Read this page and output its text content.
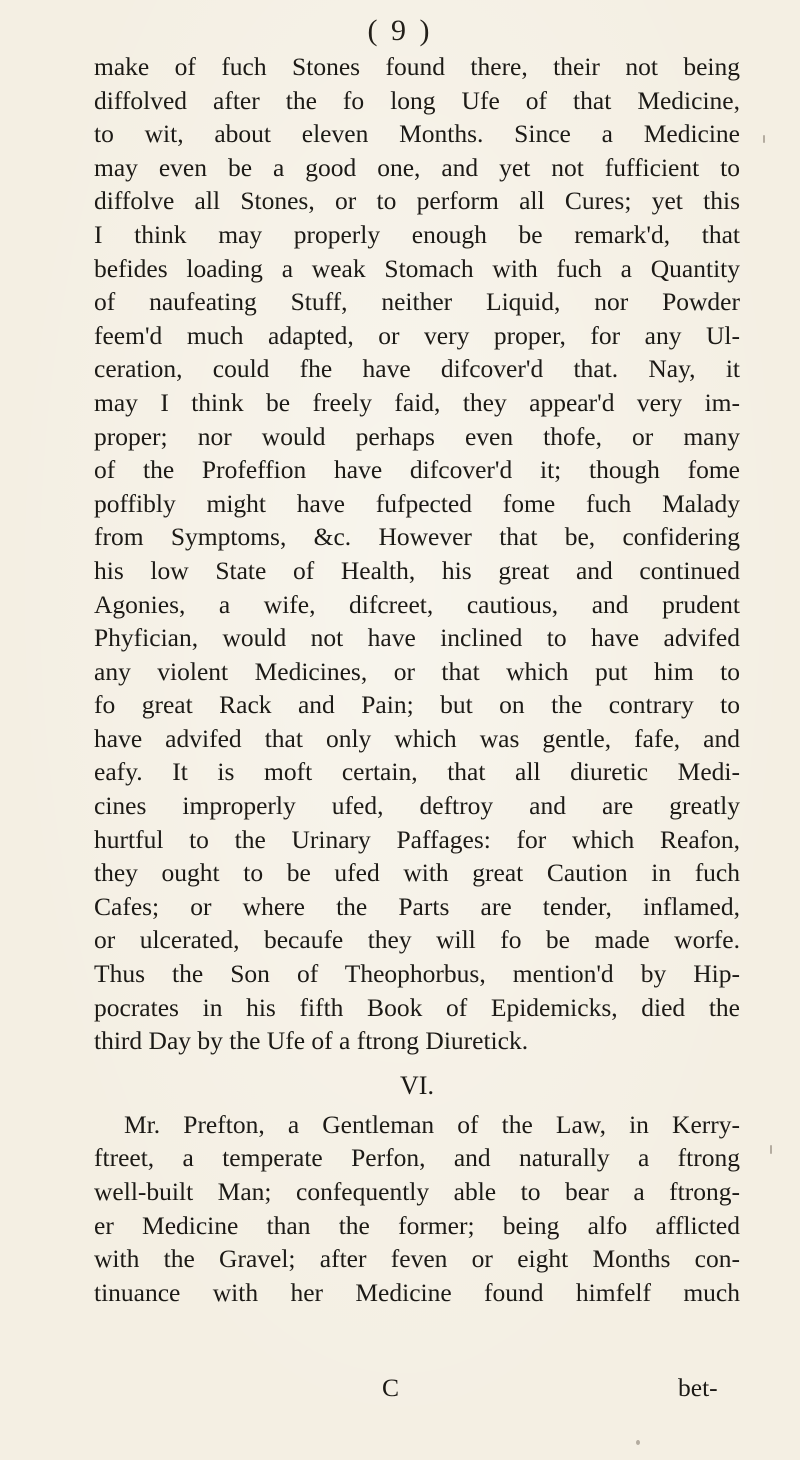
( 9 )
make of fuch Stones found there, their not being
diffolved after the fo long Ufe of that Medicine,
to wit, about eleven Months. Since a Medicine
may even be a good one, and yet not fufficient to
diffolve all Stones, or to perform all Cures; yet this
I think may properly enough be remark'd, that
befides loading a weak Stomach with fuch a Quantity
of naufeating Stuff, neither Liquid, nor Powder
feem'd much adapted, or very proper, for any Ul-
ceration, could fhe have difcover'd that. Nay, it
may I think be freely faid, they appear'd very im-
proper; nor would perhaps even thofe, or many
of the Profeffion have difcover'd it; though fome
poffibly might have fufpected fome fuch Malady
from Symptoms, &c. However that be, confidering
his low State of Health, his great and continued
Agonies, a wife, difcreet, cautious, and prudent
Phyfician, would not have inclined to have advifed
any violent Medicines, or that which put him to
fo great Rack and Pain; but on the contrary to
have advifed that only which was gentle, fafe, and
eafy. It is moft certain, that all diuretic Medi-
cines improperly ufed, deftroy and are greatly
hurtful to the Urinary Paffages: for which Reafon,
they ought to be ufed with great Caution in fuch
Cafes; or where the Parts are tender, inflamed,
or ulcerated, becaufe they will fo be made worfe.
Thus the Son of Theophorbus, mention'd by Hip-
pocrates in his fifth Book of Epidemicks, died the
third Day by the Ufe of a ftrong Diuretick.
VI.
Mr. Prefton, a Gentleman of the Law, in Kerry-
ftreet, a temperate Perfon, and naturally a ftrong
well-built Man; confequently able to bear a ftrong-
er Medicine than the former; being alfo afflicted
with the Gravel; after feven or eight Months con-
tinuance with her Medicine found himfelf much
C	bet-
